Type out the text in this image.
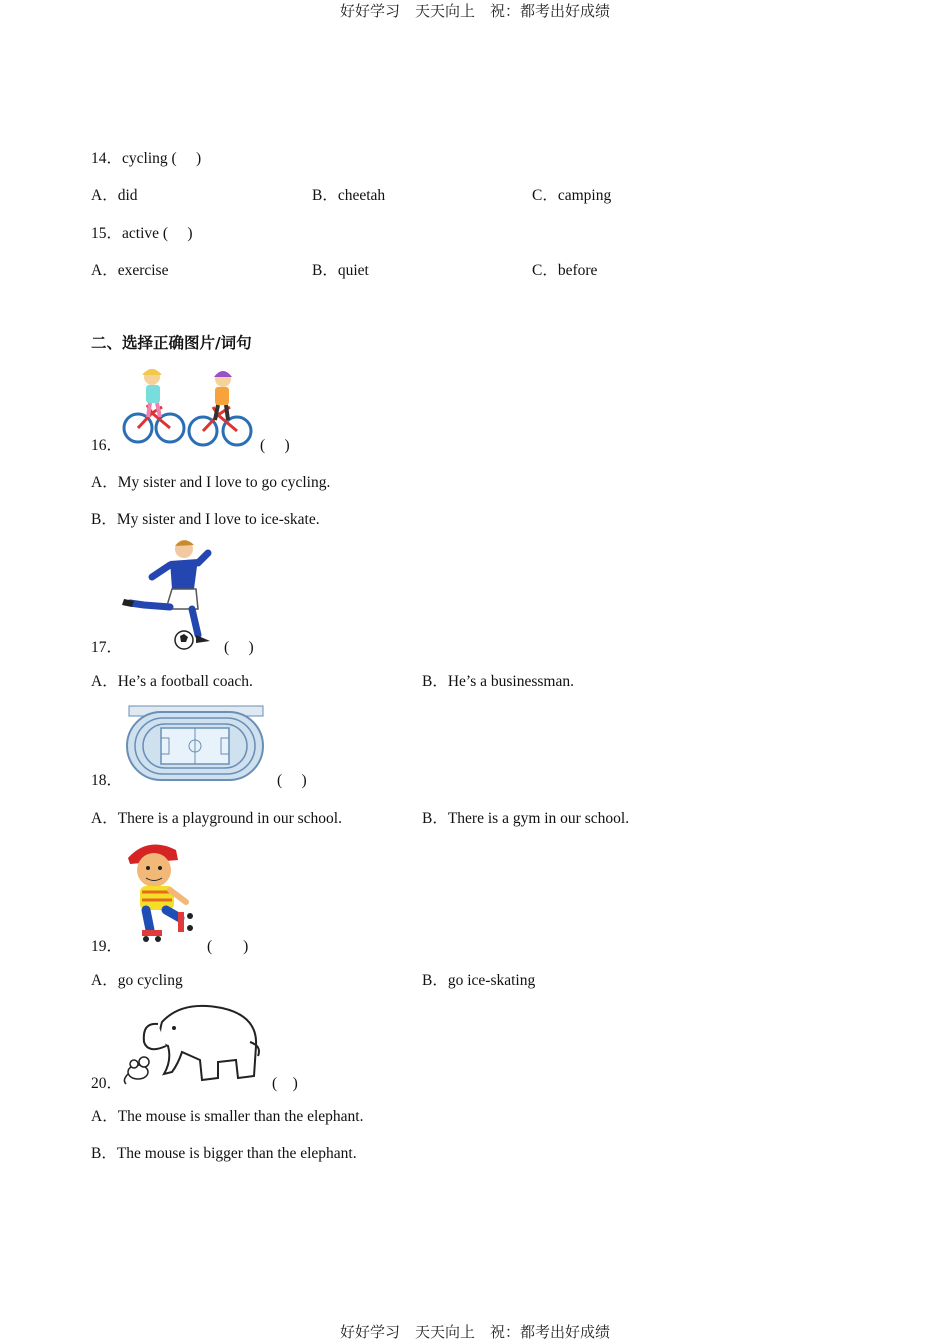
好好学习　天天向上　祝：都考出好成绩
好好学习　天天向上　祝：都考出好成绩
14．cycling (　 )
A．did	B．cheetah	C．camping
15．active (　 )
A．exercise	B．quiet	C．before
二、选择正确图片/词句
16．	(　 )
A．My sister and I love to go cycling.
B．My sister and I love to ice-skate.
17．	(　 )
A．He’s a football coach.	B．He’s a businessman.
18．	(　 )
A．There is a playground in our school.	B．There is a gym in our school.
19．	(　　)
A．go cycling	B．go ice-skating
20．	(　)
A．The mouse is smaller than the elephant.
B．The mouse is bigger than the elephant.
